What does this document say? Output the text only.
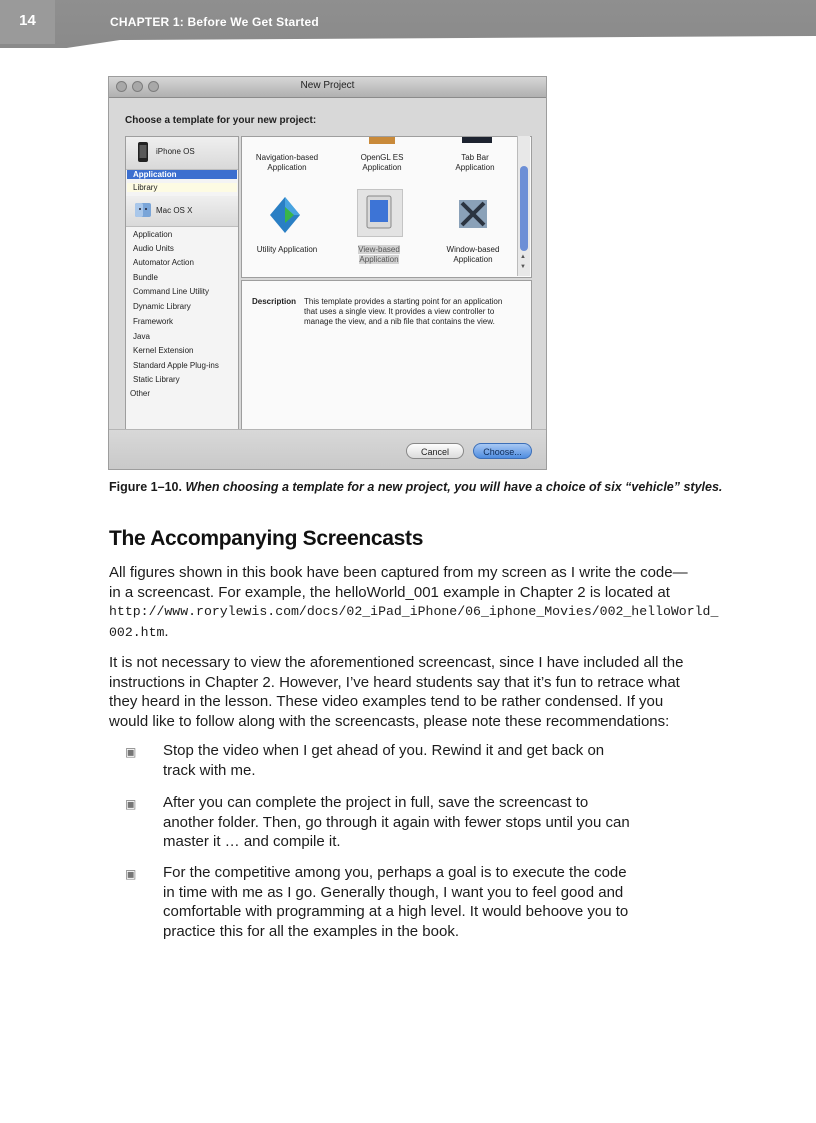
14	CHAPTER 1: Before We Get Started
New Project
Choose a template for your new project:
iPhone OS
Application
Library
Mac OS X
Application
Audio Units
Automator Action
Bundle
Command Line Utility
Dynamic Library
Framework
Java
Kernel Extension
Standard Apple Plug-ins
Static Library
Other
Navigation-based
Application
OpenGL ES
Application
Tab Bar
Application
Utility Application	View-based
Application
Window-based
Application	▲
▼
Description This template provides a starting point for an application
that uses a single view. It provides a view controller to
manage the view, and a nib file that contains the view.
Cancel	Choose...
Figure 1–10. When choosing a template for a new project, you will have a choice of six “vehicle” styles.
The Accompanying Screencasts
All figures shown in this book have been captured from my screen as I write the code—
in a screencast. For example, the helloWorld_001 example in Chapter 2 is located at
http://www.rorylewis.com/docs/02_iPad_iPhone/06_iphone_Movies/002_helloWorld_
002.htm.
It is not necessary to view the aforementioned screencast, since I have included all the
instructions in Chapter 2. However, I’ve heard students say that it’s fun to retrace what
they heard in the lesson. These video examples tend to be rather condensed. If you
would like to follow along with the screencasts, please note these recommendations:
▣ Stop the video when I get ahead of you. Rewind it and get back on
track with me.
▣ After you can complete the project in full, save the screencast to
another folder. Then, go through it again with fewer stops until you can
master it … and compile it.
▣ For the competitive among you, perhaps a goal is to execute the code
in time with me as I go. Generally though, I want you to feel good and
comfortable with programming at a high level. It would behoove you to
practice this for all the examples in the book.
